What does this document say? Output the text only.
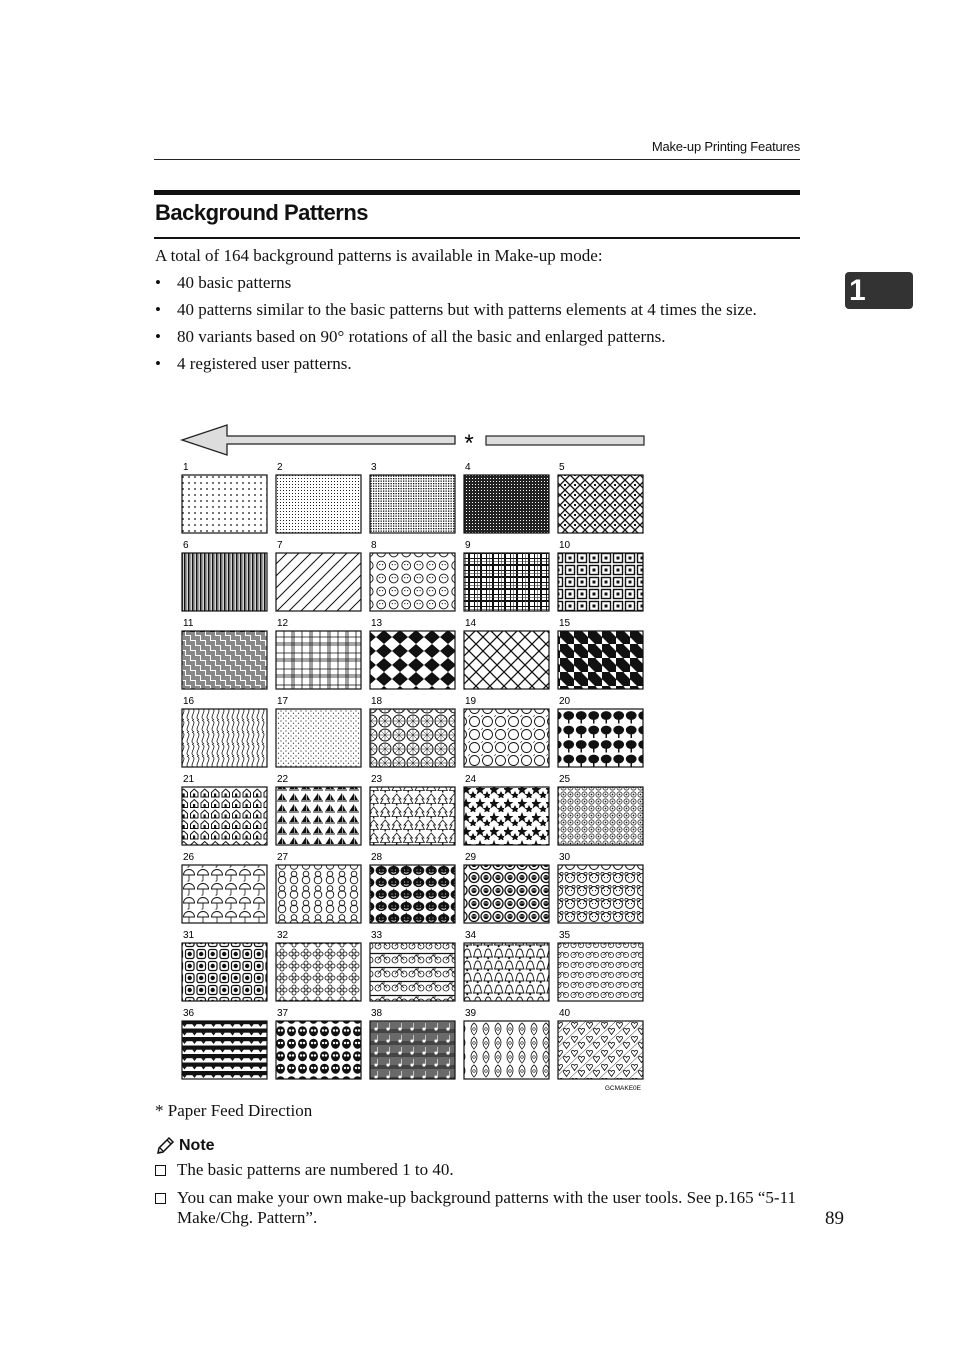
Make-up Printing Features
Background Patterns
A total of 164 background patterns is available in Make-up mode:
• 40 basic patterns
• 40 patterns similar to the basic patterns but with patterns elements at 4 times the size.
• 80 variants based on 90° rotations of all the basic and enlarged patterns.
• 4 registered user patterns.
1
*
1	2	3	4	5
6	7	8	9	10
11	12	13	14	15
16	17	18	19	20
21	22	23	24	25
26	27	28	29	30
31	32	33	34	35
36	37	38	39	40
GCMAKE0E
* Paper Feed Direction
Note
The basic patterns are numbered 1 to 40.
You can make your own make-up background patterns with the user tools. See p.165 “5-11 Make/Chg. Pattern”.	89
